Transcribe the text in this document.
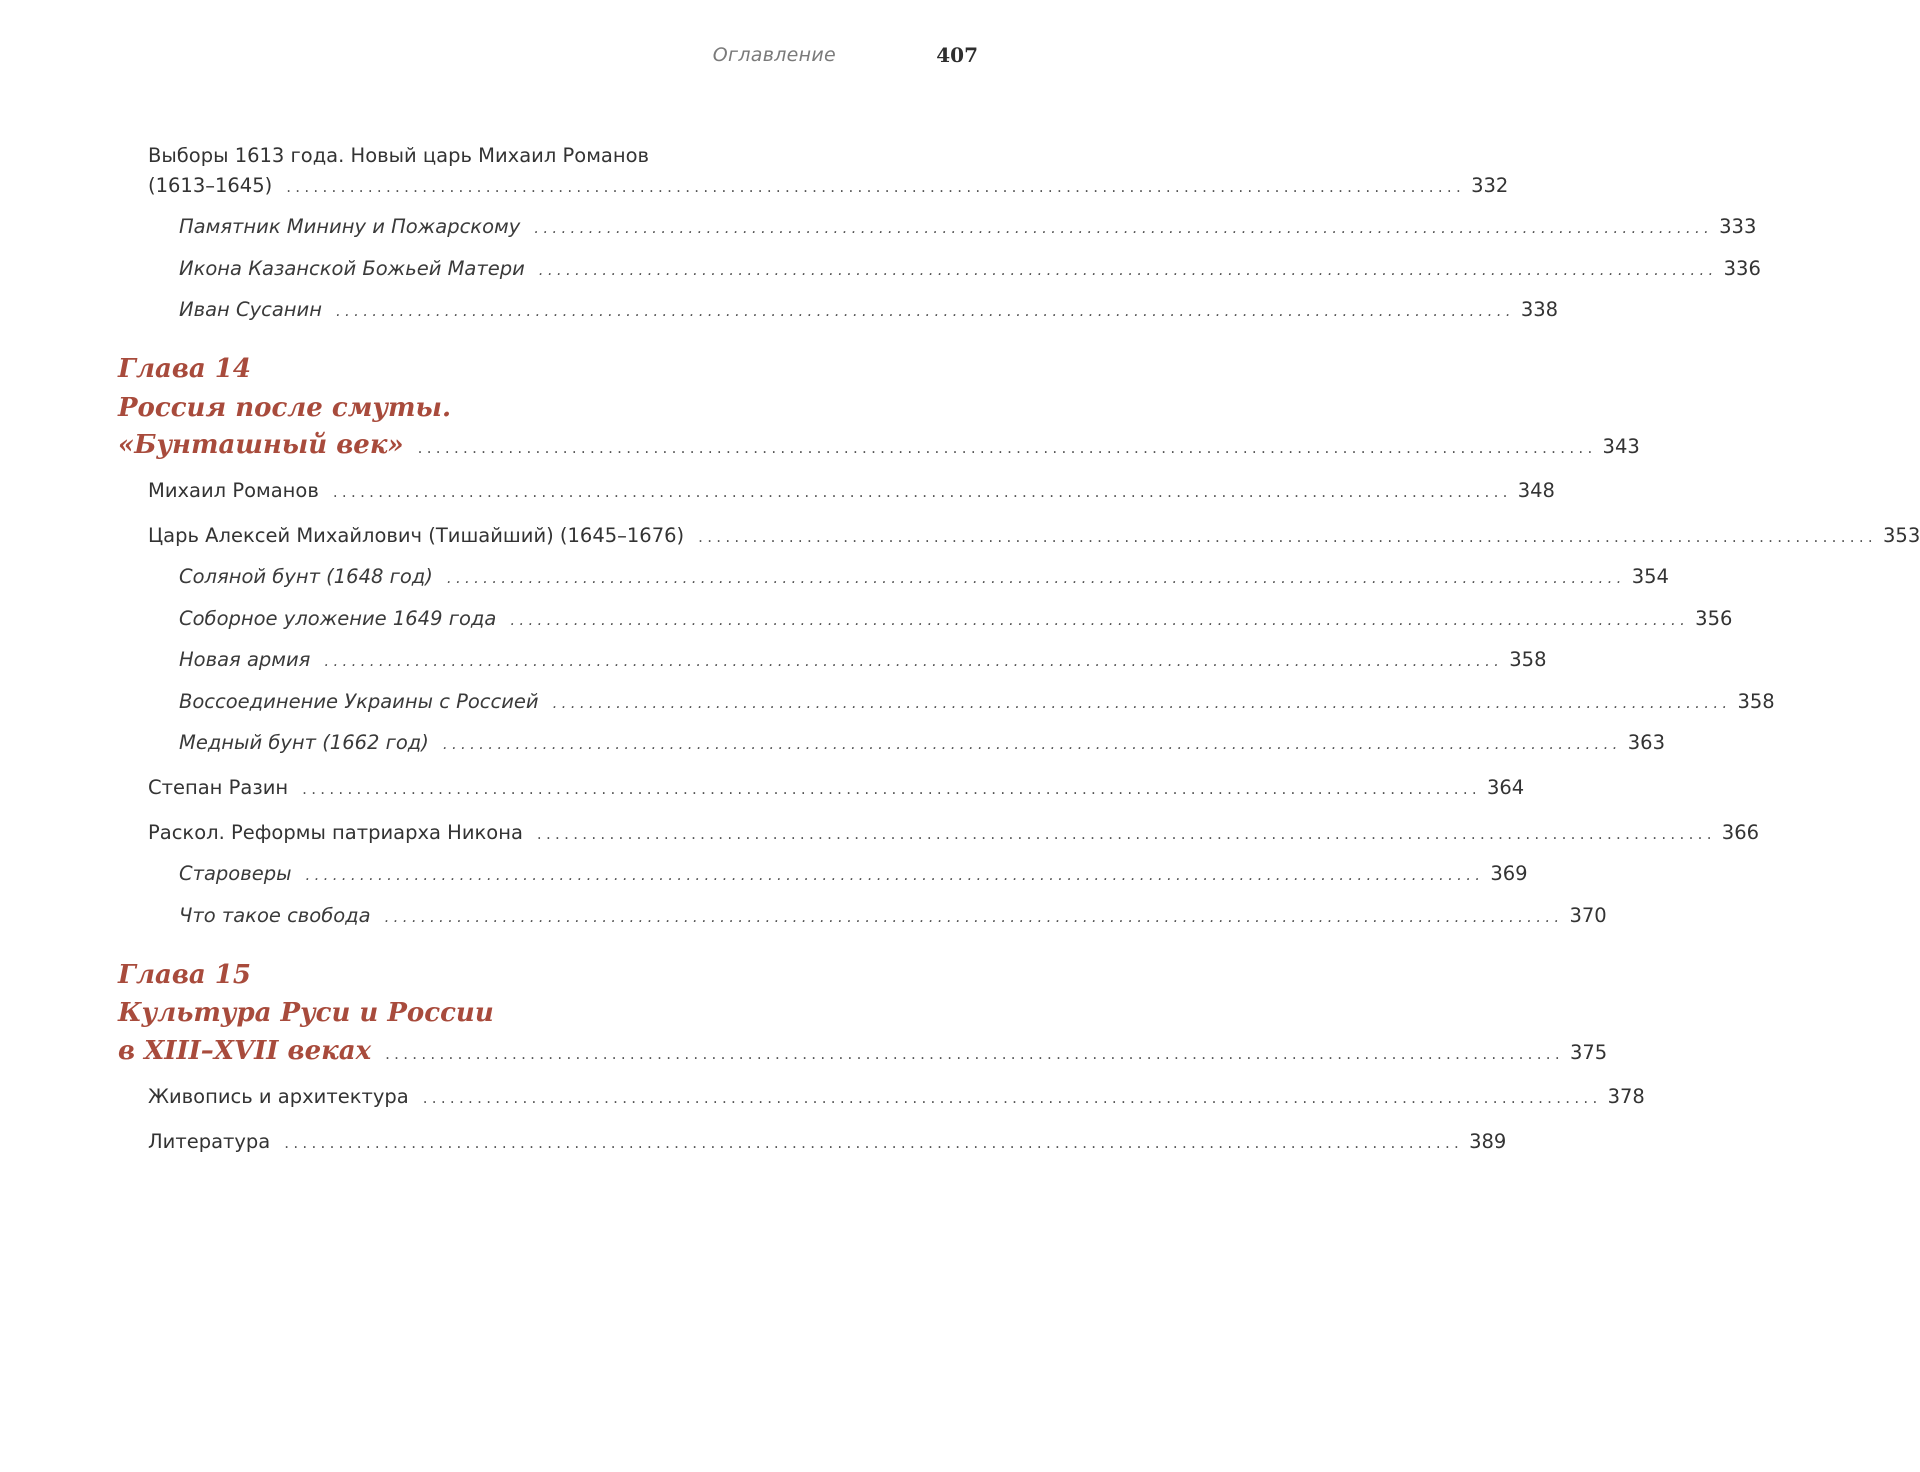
Оглавление	407
Выборы 1613 года. Новый царь Михаил Романов
(1613–1645) .................................................................................................................................. 332
Памятник Минину и Пожарскому .................................................................................................................................. 333
Икона Казанской Божьей Матери .................................................................................................................................. 336
Иван Сусанин .................................................................................................................................. 338
Глава 14
Россия после смуты.
«Бунташный век» .................................................................................................................................. 343
Михаил Романов .................................................................................................................................. 348
Царь Алексей Михайлович (Тишайший) (1645–1676) .................................................................................................................................. 353
Соляной бунт (1648 год) .................................................................................................................................. 354
Соборное уложение 1649 года .................................................................................................................................. 356
Новая армия .................................................................................................................................. 358
Воссоединение Украины с Россией .................................................................................................................................. 358
Медный бунт (1662 год) .................................................................................................................................. 363
Степан Разин .................................................................................................................................. 364
Раскол. Реформы патриарха Никона .................................................................................................................................. 366
Староверы .................................................................................................................................. 369
Что такое свобода .................................................................................................................................. 370
Глава 15
Культура Руси и России
в XIII–XVII веках .................................................................................................................................. 375
Живопись и архитектура .................................................................................................................................. 378
Литература .................................................................................................................................. 389
